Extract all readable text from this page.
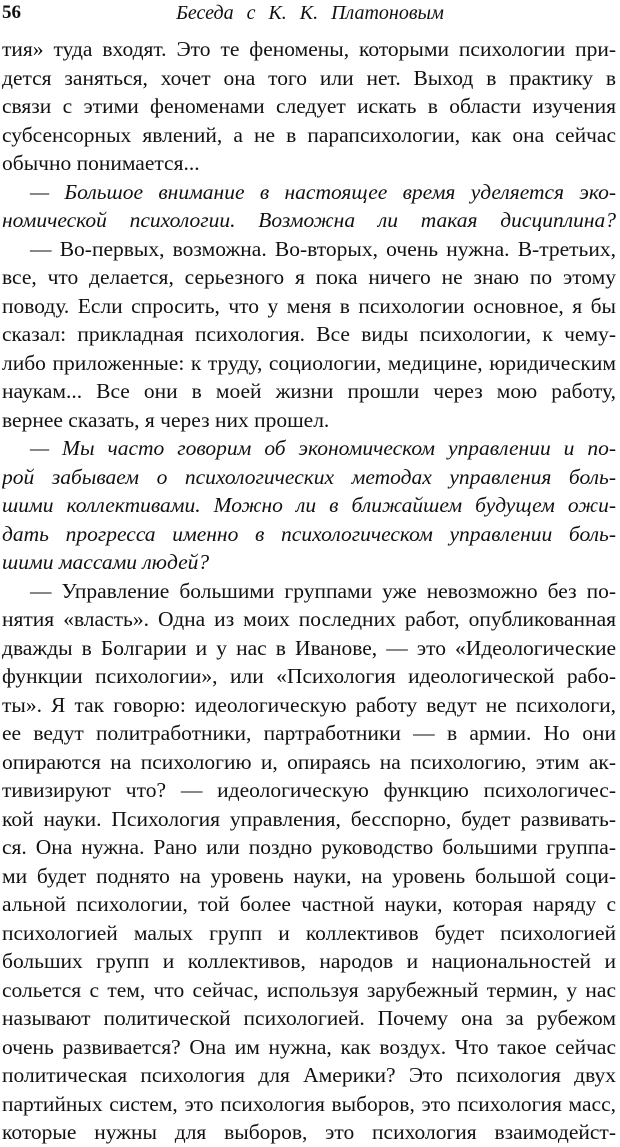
56	Беседа с К. К. Платоновым
тия» туда входят. Это те феномены, которыми психологии при-
дется заняться, хочет она того или нет. Выход в практику в
связи с этими феноменами следует искать в области изучения
субсенсорных явлений, а не в парапсихологии, как она сейчас
обычно понимается...
— Большое внимание в настоящее время уделяется эко-
номической психологии. Возможна ли такая дисциплина?
— Во-первых, возможна. Во-вторых, очень нужна. В-третьих,
все, что делается, серьезного я пока ничего не знаю по этому
поводу. Если спросить, что у меня в психологии основное, я бы
сказал: прикладная психология. Все виды психологии, к чему-
либо приложенные: к труду, социологии, медицине, юридическим
наукам... Все они в моей жизни прошли через мою работу,
вернее сказать, я через них прошел.
— Мы часто говорим об экономическом управлении и по-
рой забываем о психологических методах управления боль-
шими коллективами. Можно ли в ближайшем будущем ожи-
дать прогресса именно в психологическом управлении боль-
шими массами людей?
— Управление большими группами уже невозможно без по-
нятия «власть». Одна из моих последних работ, опубликованная
дважды в Болгарии и у нас в Иванове, — это «Идеологические
функции психологии», или «Психология идеологической рабо-
ты». Я так говорю: идеологическую работу ведут не психологи,
ее ведут политработники, партработники — в армии. Но они
опираются на психологию и, опираясь на психологию, этим ак-
тивизируют что? — идеологическую функцию психологичес-
кой науки. Психология управления, бесспорно, будет развивать-
ся. Она нужна. Рано или поздно руководство большими группа-
ми будет поднято на уровень науки, на уровень большой соци-
альной психологии, той более частной науки, которая наряду с
психологией малых групп и коллективов будет психологией
больших групп и коллективов, народов и национальностей и
сольется с тем, что сейчас, используя зарубежный термин, у нас
называют политической психологией. Почему она за рубежом
очень развивается? Она им нужна, как воздух. Что такое сейчас
политическая психология для Америки? Это психология двух
партийных систем, это психология выборов, это психология масс,
которые нужны для выборов, это психология взаимодейст-
